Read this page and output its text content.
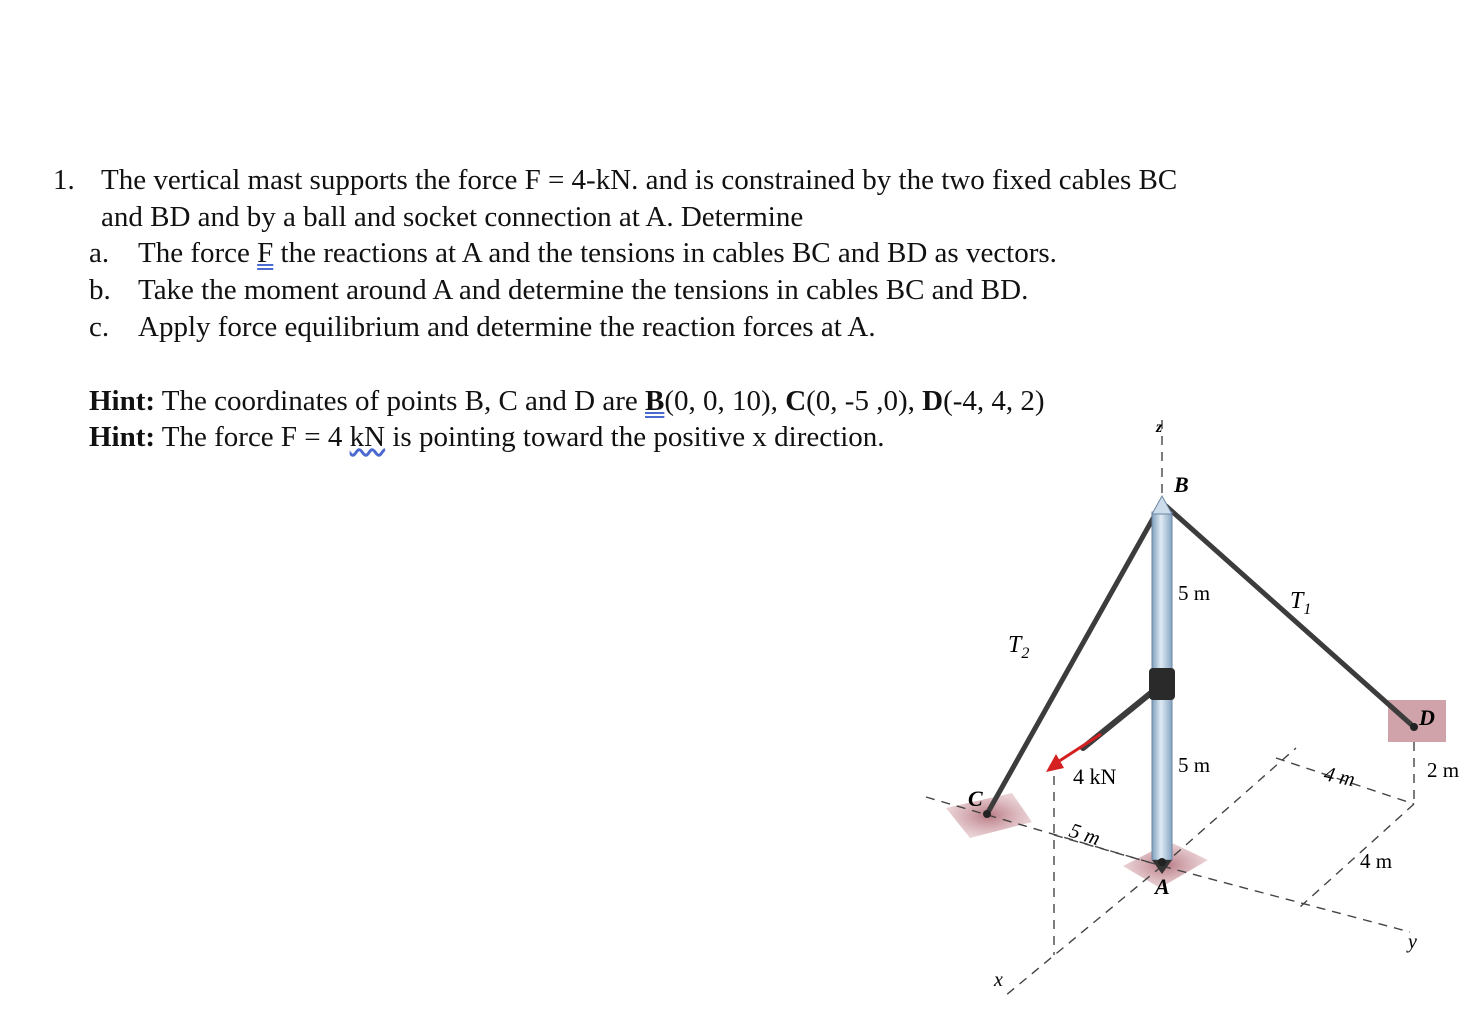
1. The vertical mast supports the force F = 4-kN. and is constrained by the two fixed cables BC
and BD and by a ball and socket connection at A. Determine
a. The force F the reactions at A and the tensions in cables BC and BD as vectors.
b. Take the moment around A and determine the tensions in cables BC and BD.
c. Apply force equilibrium and determine the reaction forces at A.
Hint: The coordinates of points B, C and D are B(0, 0, 10), C(0, -5 ,0), D(-4, 4, 2)
Hint: The force F = 4 kN is pointing toward the positive x direction.	z
x
y
B
C
D
A
$T_1$
$T_2$
5 m
5 m	4 m	2 m
4 m
5 m
4 kN
